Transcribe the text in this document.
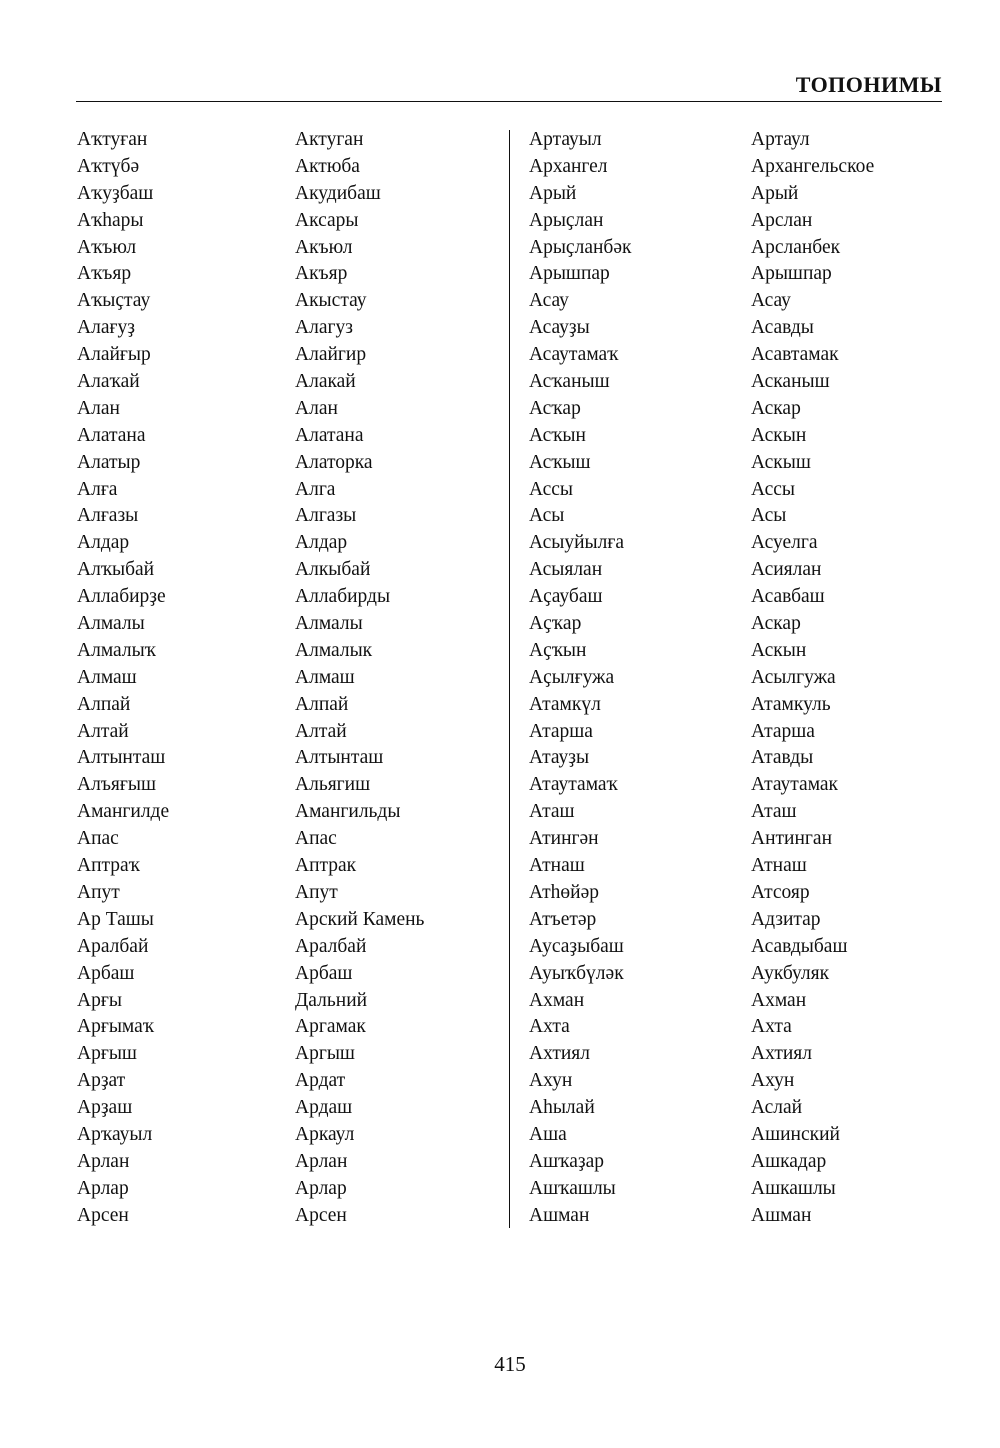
ТОПОНИМЫ
Аҡтуған
Аҡтүбә
Аҡуҙбаш
Аҡһары
Аҡъюл
Аҡъяр
Аҡыҫтау
Алағуҙ
Алайғыр
Алаҡай
Алан
Алатана
Алатыр
Алға
Алғазы
Алдар
Алҡыбай
Аллабирҙе
Алмалы
Алмалыҡ
Алмаш
Алпай
Алтай
Алтынташ
Алъяғыш
Амангилде
Апас
Аптраҡ
Апут
Ар Ташы
Аралбай
Арбаш
Арғы
Арғымаҡ
Арғыш
Арҙат
Арҙаш
Арҡауыл
Арлан
Арлар
Арсен
Актуган
Актюба
Акудибаш
Аксары
Акъюл
Акъяр
Акыстау
Алагуз
Алайгир
Алакай
Алан
Алатана
Алаторка
Алга
Алгазы
Алдар
Алкыбай
Аллабирды
Алмалы
Алмалык
Алмаш
Алпай
Алтай
Алтынташ
Альягиш
Амангильды
Апас
Аптрак
Апут
Арский Камень
Аралбай
Арбаш
Дальний
Аргамак
Аргыш
Ардат
Ардаш
Аркаул
Арлан
Арлар
Арсен
Артауыл
Архангел
Арый
Арыҫлан
Арыҫланбәк
Арышпар
Асау
Асауҙы
Асаутамаҡ
Асҡаныш
Асҡар
Асҡын
Асҡыш
Ассы
Асы
Асыуйылға
Асыялан
Аҫаубаш
Аҫҡар
Аҫҡын
Аҫылғужа
Атамкүл
Атарша
Атауҙы
Атаутамаҡ
Аташ
Атингән
Атнаш
Атһөйәр
Атъетәр
Аусаҙыбаш
Ауыҡбүләк
Ахман
Ахта
Ахтиял
Ахун
Аһылай
Аша
Ашҡаҙар
Ашҡашлы
Ашман
Артаул
Архангельское
Арый
Арслан
Арсланбек
Арышпар
Асау
Асавды
Асавтамак
Асканыш
Аскар
Аскын
Аскыш
Ассы
Асы
Асуелга
Асиялан
Асавбаш
Аскар
Аскын
Асылгужа
Атамкуль
Атарша
Атавды
Атаутамак
Аташ
Антинган
Атнаш
Атсояр
Адзитар
Асавдыбаш
Аукбуляк
Ахман
Ахта
Ахтиял
Ахун
Аслай
Ашинский
Ашкадар
Ашкашлы
Ашман
415
